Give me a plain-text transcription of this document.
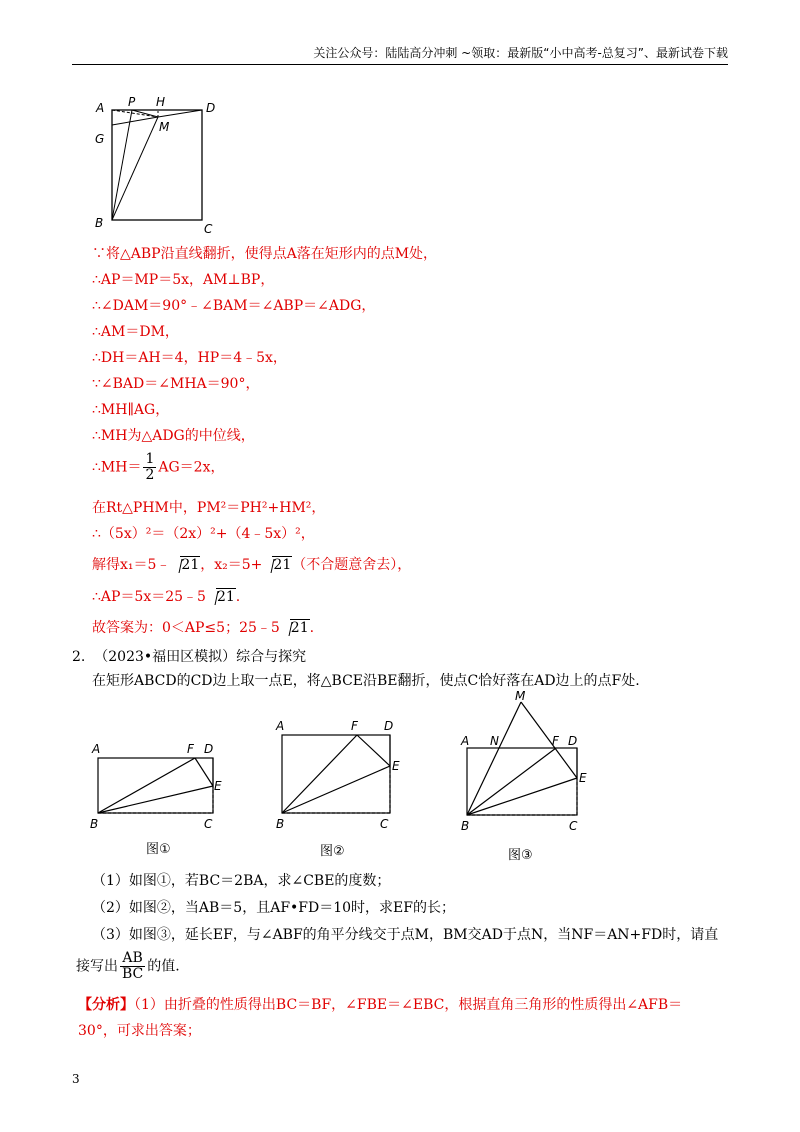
关注公众号：陆陆高分冲刺 ~领取：最新版“小中高考-总复习”、最新试卷下载
A P H	D
G
M
B	C
∵将△ABP沿直线翻折，使得点A落在矩形内的点M处，
∴AP＝MP＝5x，AM⊥BP，
∴∠DAM＝90°﹣∠BAM＝∠ABP＝∠ADG，
∴AM＝DM，
∴DH＝AH＝4，HP＝4﹣5x，
∵∠BAD＝∠MHA＝90°，
∴MH∥AG，
∴MH为△ADG的中位线，
∴MH＝ $\frac{1}{2} AG=2x$，
在Rt△PHM中，PM²＝PH²+HM²，
∴（5x）²＝（2x）²+（4﹣5x）²，
解得x₁＝5﹣ 21，x₂＝5+ 21（不合题意舍去），
∴AP＝5x＝25﹣5 21.
故答案为：0＜AP≤5；25﹣5 21.
2. （2023•福田区模拟）综合与探究
在矩形ABCD的CD边上取一点E，将△BCE沿BE翻折，使点C恰好落在AD边上的点F处.
A	F D
E
B	C
图①
A	F D
E
B	C
图②
M
A N	F D
E
B	C
图③
（1）如图①，若BC＝2BA，求∠CBE的度数；
（2）如图②，当AB＝5，且AF•FD＝10时，求EF的长；
（3）如图③，延长EF，与∠ABF的角平分线交于点M，BM交AD于点N，当NF＝AN+FD时，请直
接写出 $\frac{AB}{BC}$ 的值.
【分析】（1）由折叠的性质得出BC＝BF，∠FBE＝∠EBC，根据直角三角形的性质得出∠AFB＝
30°，可求出答案；
3
